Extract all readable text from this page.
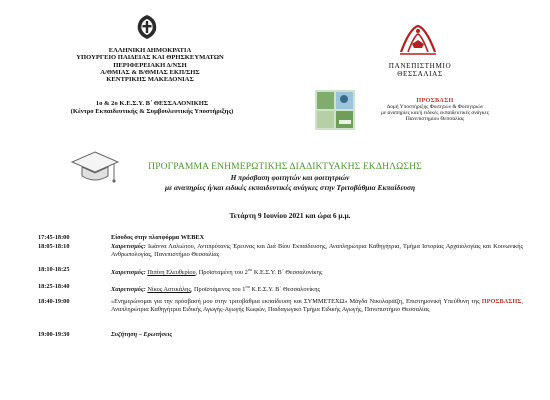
ΕΛΛΗΝΙΚΗ ΔΗΜΟΚΡΑΤΙΑ
ΥΠΟΥΡΓΕΙΟ ΠΑΙΔΕΙΑΣ ΚΑΙ ΘΡΗΣΚΕΥΜΑΤΩΝ
ΠΕΡΙΦΕΡΕΙΑΚΗ Δ/ΝΣΗ
Α/ΘΜΙΑΣ & Β/ΘΜΙΑΣ ΕΚΠ/ΣΗΣ
ΚΕΝΤΡΙΚΗΣ ΜΑΚΕΔΟΝΙΑΣ
ΠΑΝΕΠΙΣΤΗΜΙΟ
ΘΕΣΣΑΛΙΑΣ
1ο & 2ο Κ.Ε.Σ.Υ. Β΄ ΘΕΣΣΑΛΟΝΙΚΗΣ
(Κέντρο Εκπαιδευτικής & Συμβουλευτικής Υποστήριξης)
ΠΡΟΣΒΑΣΗ
Δομή Υποστήριξης Φοιτητών & Φοιτητριών
με αναπηρίες και/ή ειδικές εκπαιδευτικές ανάγκες
Πανεπιστημίου Θεσσαλίας
ΠΡΟΓΡΑΜΜΑ ΕΝΗΜΕΡΩΤΙΚΗΣ ΔΙΑΔΙΚΤΥΑΚΗΣ ΕΚΔΗΛΩΣΗΣ
Η πρόσβαση φοιτητών και φοιτητριών
με αναπηρίες ή/και ειδικές εκπαιδευτικές ανάγκες στην Τριτοβάθμια Εκπαίδευση
Τετάρτη 9 Ιουνίου 2021 και ώρα 6 μ.μ.
17:45-18:00	Είσοδος στην πλατφόρμα WEBEX
18:05-18:10	Χαιρετισμός: Ιωάννα Λαλιώτου, Αντιπρύτανις Έρευνας και Διά Βίου Εκπαίδευσης, Αναπληρώτρια Καθηγήτρια, Τμήμα Ιστορίας Αρχαιολογίας και Κοινωνικής Ανθρωπολογίας, Πανεπιστήμιο Θεσσαλίας
18:10-18:25	Χαιρετισμός: Πιπίνη Ελευθερίου, Προϊσταμένη του $2^{o\upsilon}$ Κ.Ε.Σ.Υ. Β΄ Θεσσαλονίκης
18:25-18:40	Χαιρετισμός: Νίκος Αστικάλης, Προϊστάμενος του $1^{o\upsilon}$ Κ.Ε.Σ.Υ. Β΄ Θεσσαλονίκης
18:40-19:00	«Ενημερώνομαι για την πρόσβασή μου στην τριτοβάθμια εκπαίδευση και ΣΥΜΜΕΤΕΧΩ» Μάγδα Νικολαράϊζη, Επιστημονική Υπεύθυνη της ΠΡΟΣΒΑΣΗΣ, Αναπληρώτρια Καθηγήτρια Ειδικής Αγωγής-Αγωγής Κωφών, Παιδαγωγικό Τμήμα Ειδικής Αγωγής, Πανεπιστήμιο Θεσσαλίας
19:00-19:30	Συζήτηση – Ερωτήσεις
